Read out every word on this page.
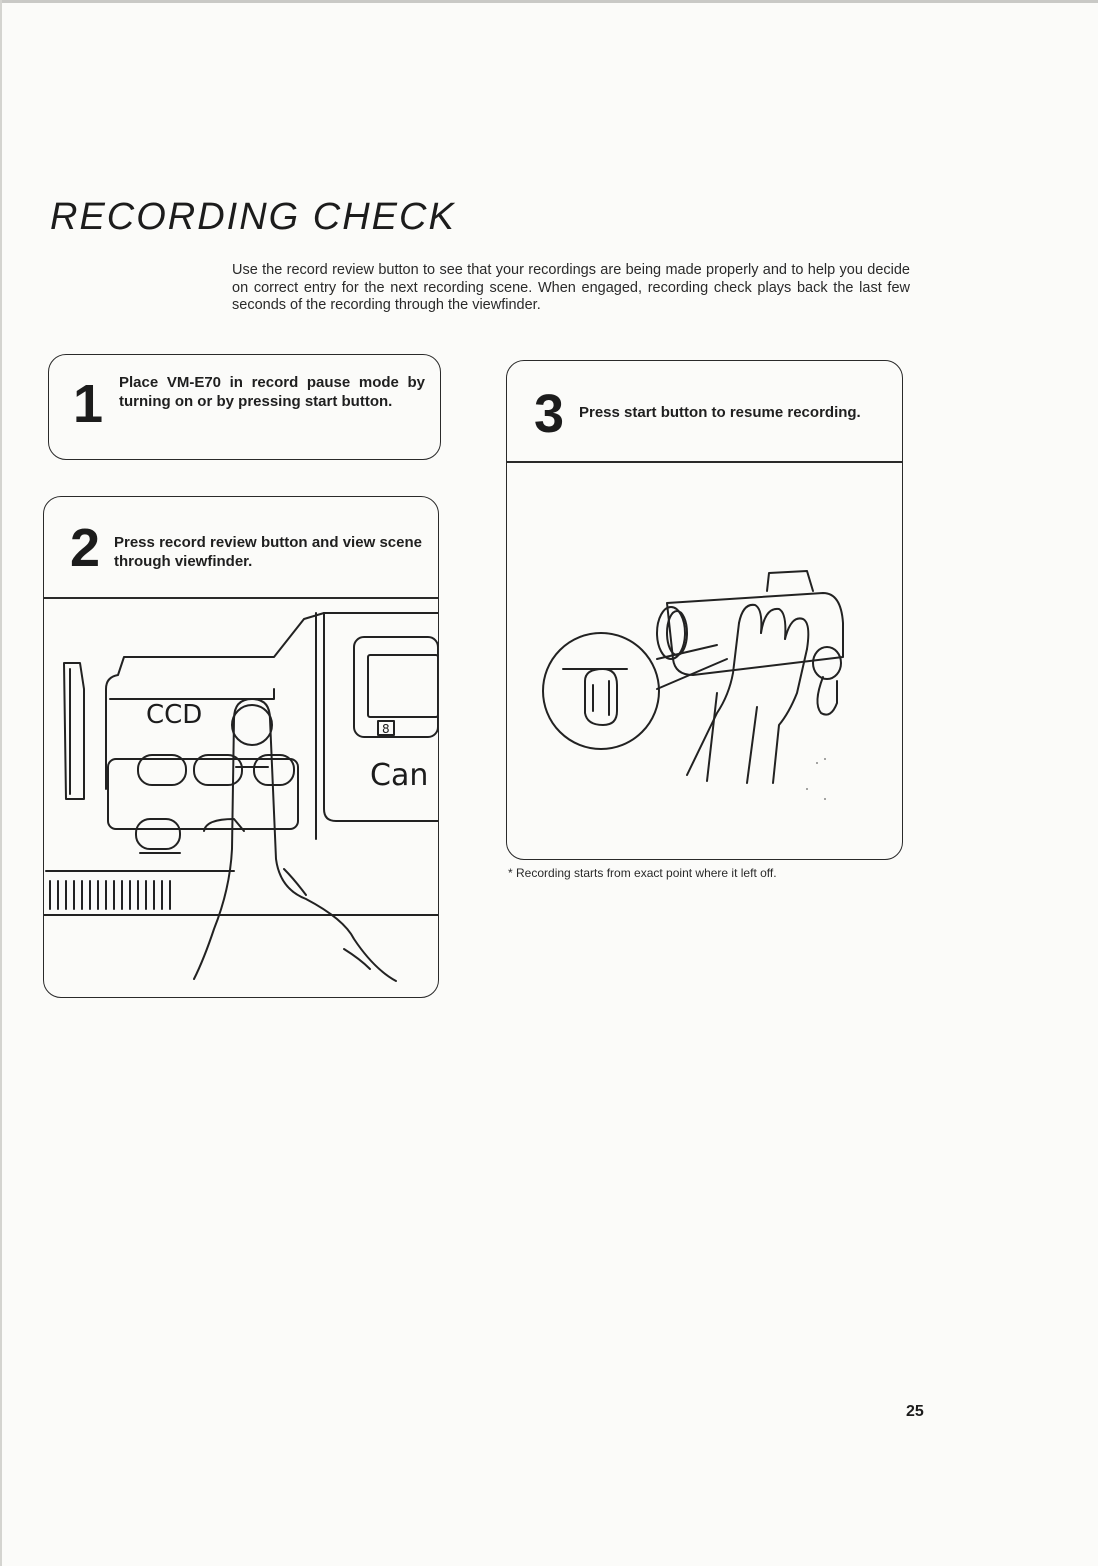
RECORDING CHECK
Use the record review button to see that your recordings are being made properly and to help you decide on correct entry for the next recording scene. When engaged, recording check plays back the last few seconds of the recording through the viewfinder.
1 Place VM-E70 in record pause mode by turning on or by pressing start button.
2 Press record review button and view scene through viewfinder.
CCD
Can
8
3 Press start button to resume recording.
* Recording starts from exact point where it left off.
25
